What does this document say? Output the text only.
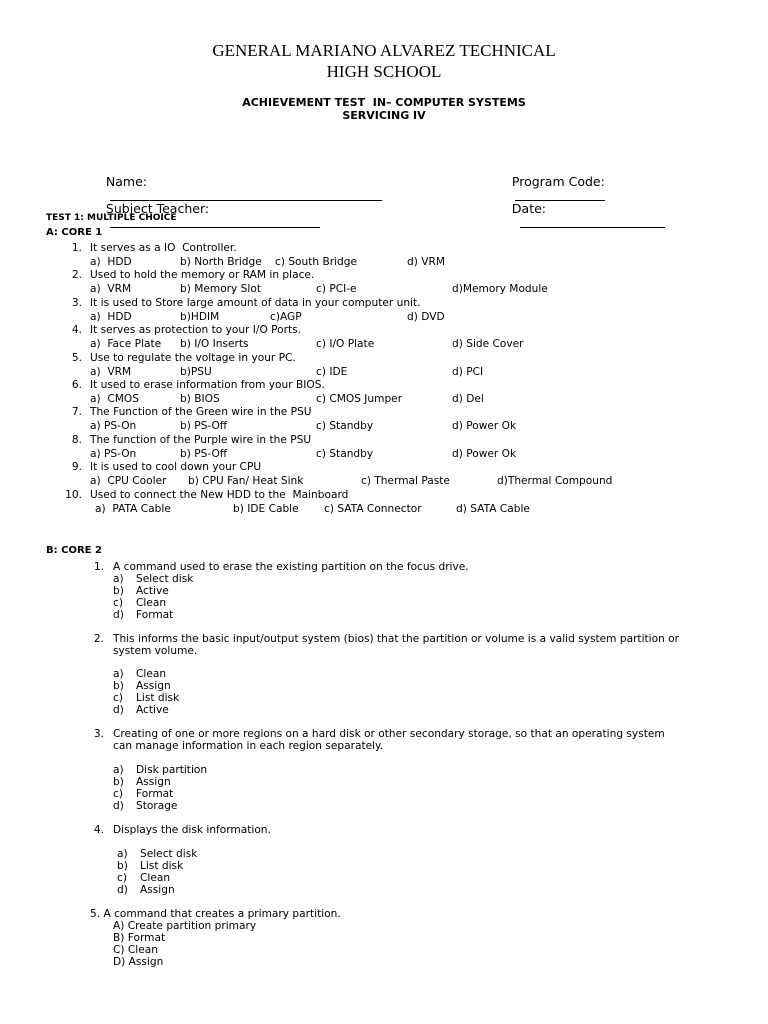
GENERAL MARIANO ALVAREZ TECHNICAL
HIGH SCHOOL
ACHIEVEMENT TEST  IN– COMPUTER SYSTEMS
SERVICING IV

Name:

	Program Code:

Subject Teacher:

	Date:

TEST 1: MULTIPLE CHOICE
A: CORE 1
1. It serves as a IO  Controller.
a)  HDD	b) North Bridge c) South Bridge	d) VRM
2. Used to hold the memory or RAM in place.
a)  VRM	b) Memory Slot	c) PCI-e	d)Memory Module
3. It is used to Store large amount of data in your computer unit.
a)  HDD	b)HDIM	c)AGP	d) DVD
4. It serves as protection to your I/O Ports.
a)  Face Plate b) I/O Inserts	c) I/O Plate	d) Side Cover
5. Use to regulate the voltage in your PC.
a)  VRM	b)PSU	c) IDE	d) PCI
6. It used to erase information from your BIOS.
a)  CMOS	b) BIOS	c) CMOS Jumper	d) Del
7. The Function of the Green wire in the PSU
a) PS-On	b) PS-Off	c) Standby	d) Power Ok
8. The function of the Purple wire in the PSU
a) PS-On	b) PS-Off	c) Standby	d) Power Ok
9. It is used to cool down your CPU
a)  CPU Cooler b) CPU Fan/ Heat Sink	c) Thermal Paste	d)Thermal Compound
10. Used to connect the New HDD to the  Mainboard
a)  PATA Cable	b) IDE Cable c) SATA Connector	d) SATA Cable
B: CORE 2
1. A command used to erase the existing partition on the focus drive.
a) Select disk
b) Active
c) Clean
d) Format
2. This informs the basic input/output system (bios) that the partition or volume is a valid system partition or
system volume.
a) Clean
b) Assign
c) List disk
d) Active
3. Creating of one or more regions on a hard disk or other secondary storage, so that an operating system
can manage information in each region separately.
a) Disk partition
b) Assign
c) Format
d) Storage
4. Displays the disk information.
a) Select disk
b) List disk
c) Clean
d) Assign
5. A command that creates a primary partition.
A) Create partition primary
B) Format
C) Clean
D) Assign
